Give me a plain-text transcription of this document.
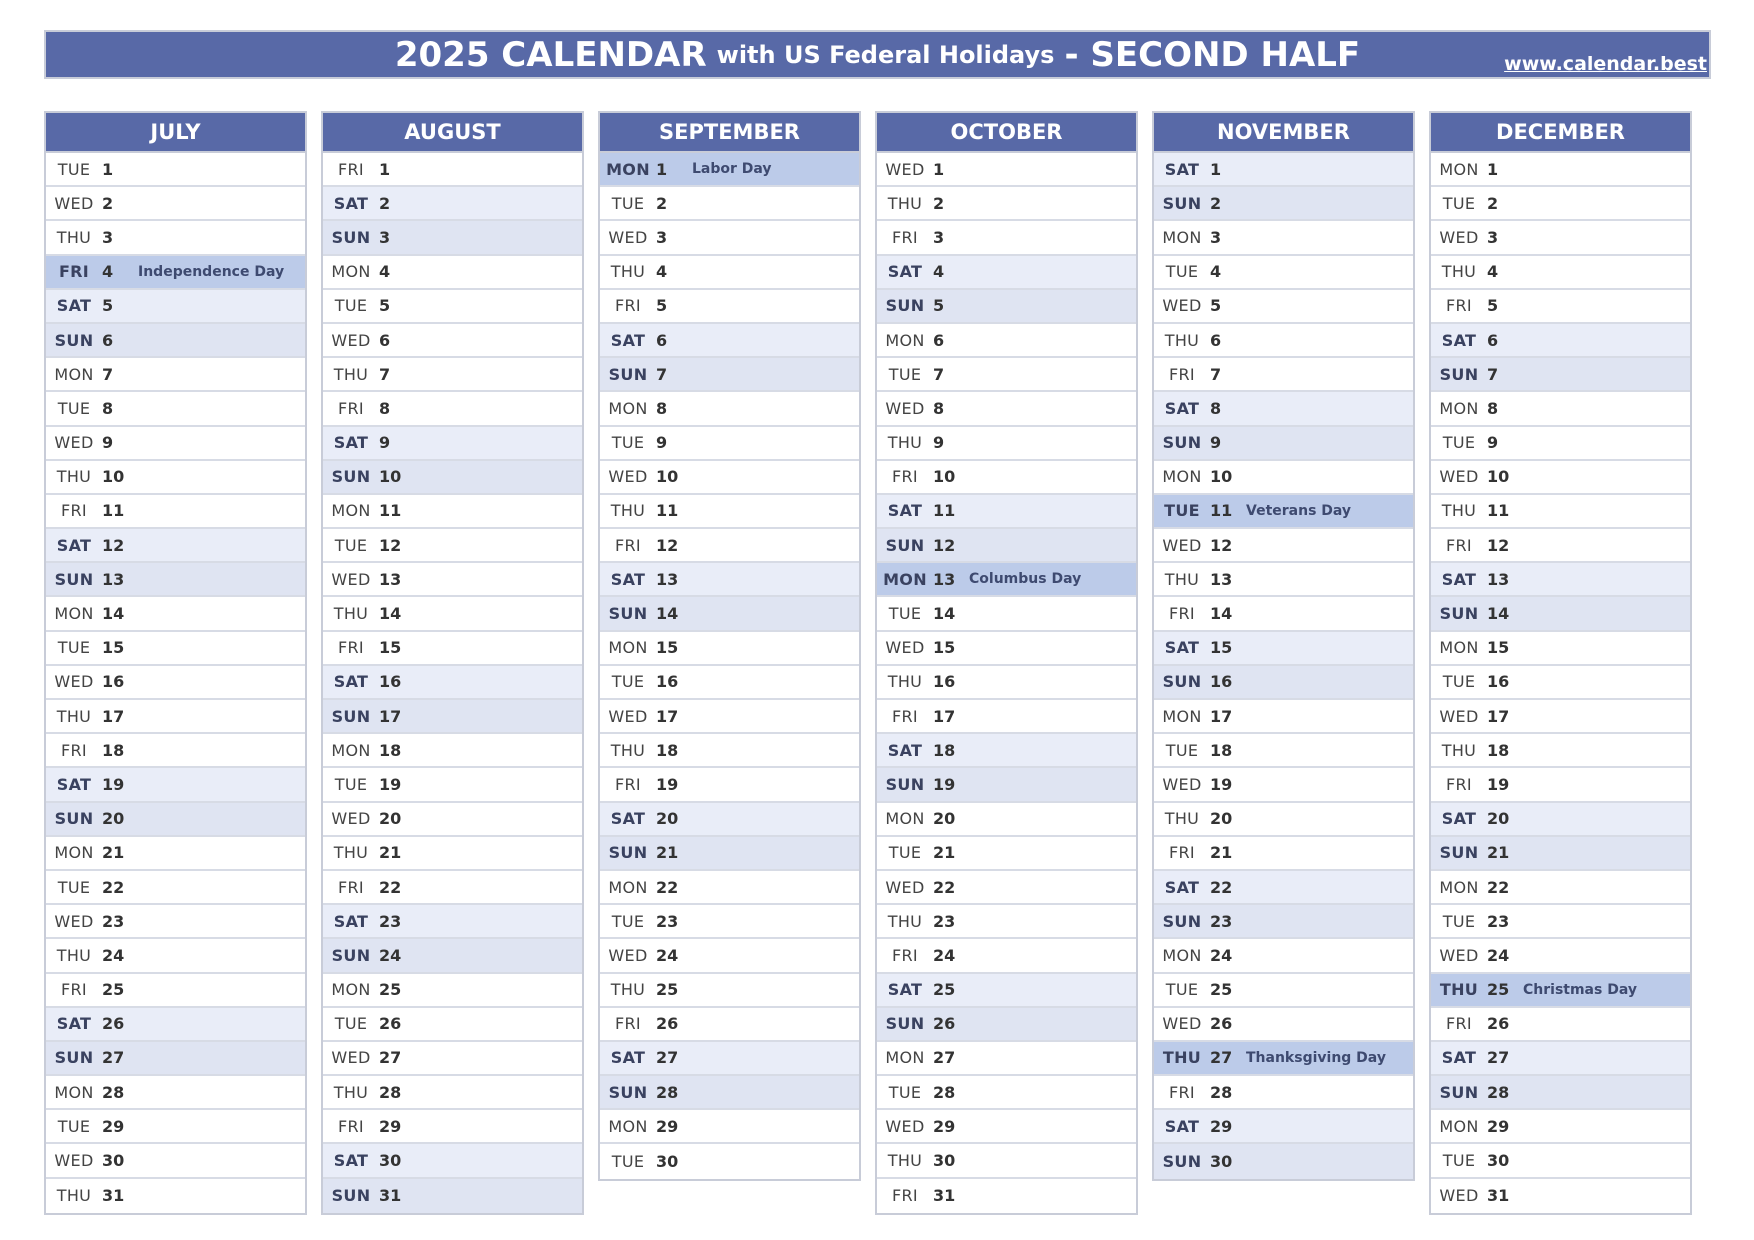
2025 CALENDAR with US Federal Holidays - SECOND HALF	www.calendar.best
JULY
TUE 1
WED 2
THU 3
FRI 4	Independence Day
SAT 5
SUN 6
MON 7
TUE 8
WED 9
THU 10
FRI 11
SAT 12
SUN 13
MON 14
TUE 15
WED 16
THU 17
FRI 18
SAT 19
SUN 20
MON 21
TUE 22
WED 23
THU 24
FRI 25
SAT 26
SUN 27
MON 28
TUE 29
WED 30
THU 31
AUGUST
FRI 1
SAT 2
SUN 3
MON 4
TUE 5
WED 6
THU 7
FRI 8
SAT 9
SUN 10
MON 11
TUE 12
WED 13
THU 14
FRI 15
SAT 16
SUN 17
MON 18
TUE 19
WED 20
THU 21
FRI 22
SAT 23
SUN 24
MON 25
TUE 26
WED 27
THU 28
FRI 29
SAT 30
SUN 31
SEPTEMBER
MON 1	Labor Day
TUE 2
WED 3
THU 4
FRI 5
SAT 6
SUN 7
MON 8
TUE 9
WED 10
THU 11
FRI 12
SAT 13
SUN 14
MON 15
TUE 16
WED 17
THU 18
FRI 19
SAT 20
SUN 21
MON 22
TUE 23
WED 24
THU 25
FRI 26
SAT 27
SUN 28
MON 29
TUE 30
OCTOBER
WED 1
THU 2
FRI 3
SAT 4
SUN 5
MON 6
TUE 7
WED 8
THU 9
FRI 10
SAT 11
SUN 12
MON 13 Columbus Day
TUE 14
WED 15
THU 16
FRI 17
SAT 18
SUN 19
MON 20
TUE 21
WED 22
THU 23
FRI 24
SAT 25
SUN 26
MON 27
TUE 28
WED 29
THU 30
FRI 31
NOVEMBER
SAT 1
SUN 2
MON 3
TUE 4
WED 5
THU 6
FRI 7
SAT 8
SUN 9
MON 10
TUE 11 Veterans Day
WED 12
THU 13
FRI 14
SAT 15
SUN 16
MON 17
TUE 18
WED 19
THU 20
FRI 21
SAT 22
SUN 23
MON 24
TUE 25
WED 26
THU 27 Thanksgiving Day
FRI 28
SAT 29
SUN 30
DECEMBER
MON 1
TUE 2
WED 3
THU 4
FRI 5
SAT 6
SUN 7
MON 8
TUE 9
WED 10
THU 11
FRI 12
SAT 13
SUN 14
MON 15
TUE 16
WED 17
THU 18
FRI 19
SAT 20
SUN 21
MON 22
TUE 23
WED 24
THU 25 Christmas Day
FRI 26
SAT 27
SUN 28
MON 29
TUE 30
WED 31
